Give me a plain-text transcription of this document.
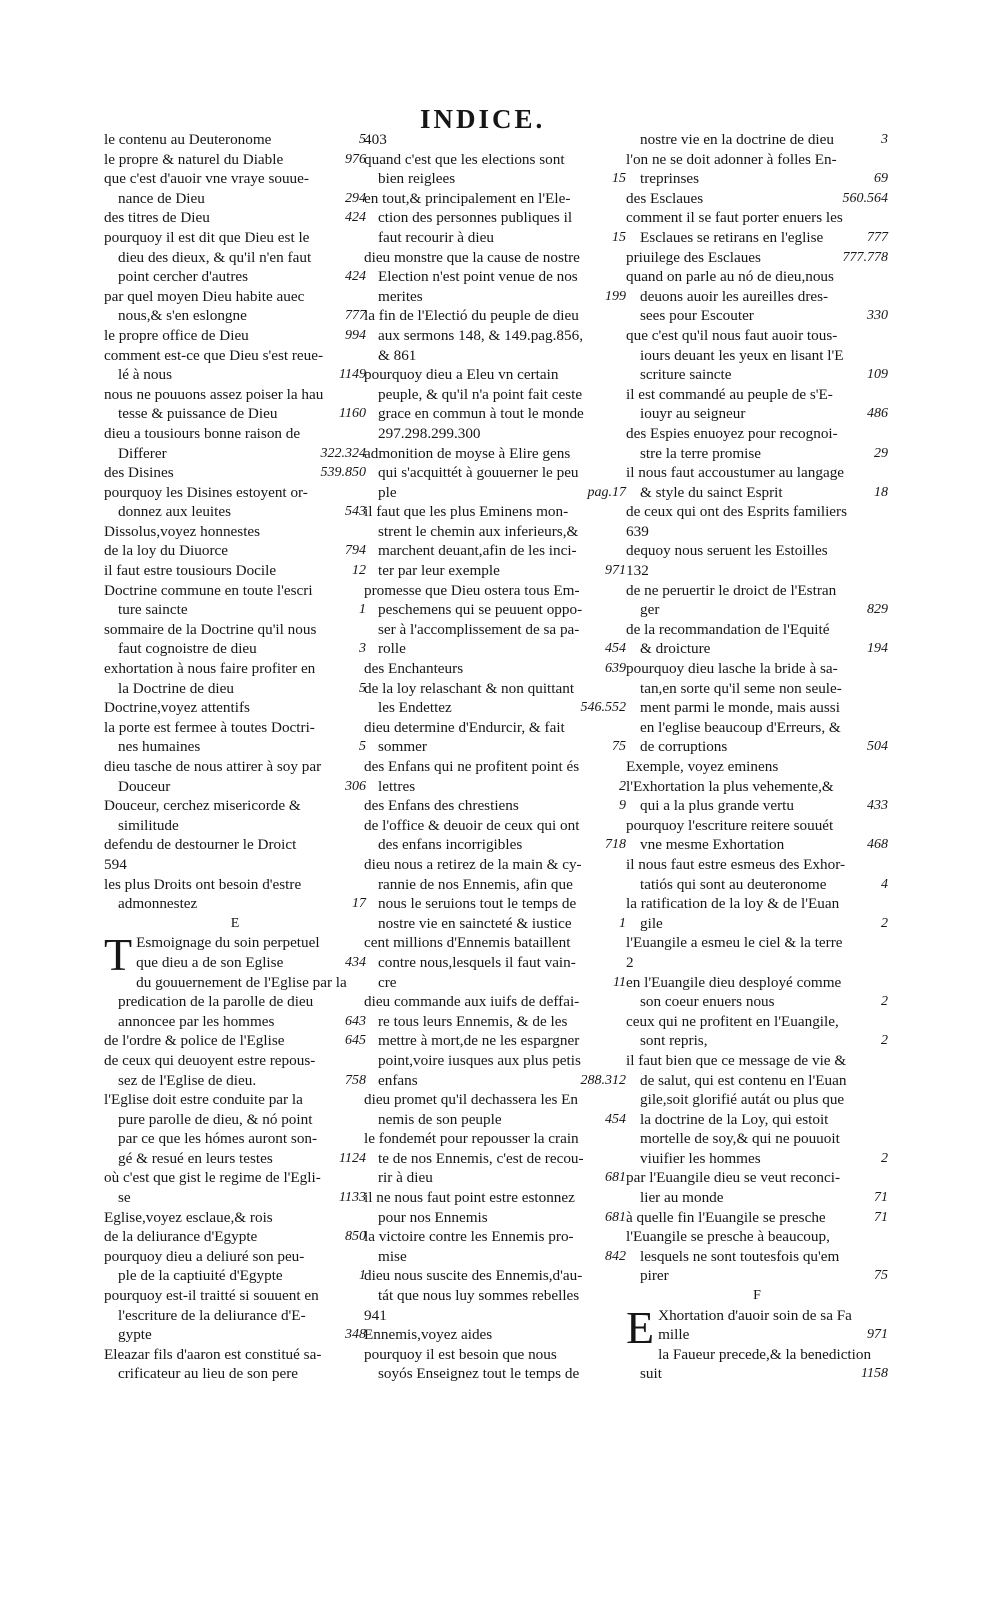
INDICE.
5
le contenu au Deuteronome
976
le propre & naturel du Diable
que c'est d'auoir vne vraye souue-
294
nance de Dieu
424
des titres de Dieu
pourquoy il est dit que Dieu est le
dieu des dieux, & qu'il n'en faut
424
point cercher d'autres
par quel moyen Dieu habite auec
777
nous,& s'en eslongne
994
le propre office de Dieu
comment est-ce que Dieu s'est reue-
1149
lé à nous
nous ne pouuons assez poiser la hau
1160
tesse & puissance de Dieu
dieu a tousiours bonne raison de
322.324
Differer
539.850
des Disines
pourquoy les Disines estoyent or-
543
donnez aux leuites
Dissolus,voyez honnestes
794
de la loy du Diuorce
12
il faut estre tousiours Docile
Doctrine commune en toute l'escri
1
ture saincte
sommaire de la Doctrine qu'il nous
3
faut cognoistre de dieu
exhortation à nous faire profiter en
5
la Doctrine de dieu
Doctrine,voyez attentifs
la porte est fermee à toutes Doctri-
5
nes humaines
dieu tasche de nous attirer à soy par
306
Douceur
Douceur, cerchez misericorde &
similitude
defendu de destourner le Droict
594
les plus Droits ont besoin d'estre
17
admonnestez
E
T Esmoignage du soin perpetuel
434
que dieu a de son Eglise
du gouuernement de l'Eglise par la
predication de la parolle de dieu
643
annoncee par les hommes
645
de l'ordre & police de l'Eglise
de ceux qui deuoyent estre repous-
758
sez de l'Eglise de dieu.
l'Eglise doit estre conduite par la
pure parolle de dieu, & nó point
par ce que les hómes auront son-
1124
gé & resué en leurs testes
où c'est que gist le regime de l'Egli-
1133
se
Eglise,voyez esclaue,& rois
850
de la deliurance d'Egypte
pourquoy dieu a deliuré son peu-
1
ple de la captiuité d'Egypte
pourquoy est-il traitté si souuent en
l'escriture de la deliurance d'E-
348
gypte
Eleazar fils d'aaron est constitué sa-
crificateur au lieu de son pere
403
quand c'est que les elections sont
15
bien reiglees
en tout,& principalement en l'Ele-
ction des personnes publiques il
15
faut recourir à dieu
dieu monstre que la cause de nostre
Election n'est point venue de nos
199
merites
la fin de l'Electió du peuple de dieu
aux sermons 148, & 149.pag.856,
& 861
pourquoy dieu a Eleu vn certain
peuple, & qu'il n'a point fait ceste
grace en commun à tout le monde
297.298.299.300
admonition de moyse à Elire gens
qui s'acquittét à gouuerner le peu
pag.17
ple
il faut que les plus Eminens mon-
strent le chemin aux inferieurs,&
marchent deuant,afin de les inci-
971
ter par leur exemple
promesse que Dieu ostera tous Em-
peschemens qui se peuuent oppo-
ser à l'accomplissement de sa pa-
454
rolle
639
des Enchanteurs
de la loy relaschant & non quittant
546.552
les Endettez
dieu determine d'Endurcir, & fait
75
sommer
des Enfans qui ne profitent point és
2
lettres
9
des Enfans des chrestiens
de l'office & deuoir de ceux qui ont
718
des enfans incorrigibles
dieu nous a retirez de la main & cy-
rannie de nos Ennemis, afin que
nous le seruions tout le temps de
1
nostre vie en saincteté & iustice
cent millions d'Ennemis bataillent
contre nous,lesquels il faut vain-
11
cre
dieu commande aux iuifs de deffai-
re tous leurs Ennemis, & de les
mettre à mort,de ne les espargner
point,voire iusques aux plus petis
288.312
enfans
dieu promet qu'il dechassera les En
454
nemis de son peuple
le fondemét pour repousser la crain
te de nos Ennemis, c'est de recou-
681
rir à dieu
il ne nous faut point estre estonnez
681
pour nos Ennemis
la victoire contre les Ennemis pro-
842
mise
dieu nous suscite des Ennemis,d'au-
tát que nous luy sommes rebelles
941
Ennemis,voyez aides
pourquoy il est besoin que nous
soyós Enseignez tout le temps de
3
nostre vie en la doctrine de dieu
l'on ne se doit adonner à folles En-
69
treprinses
560.564
des Esclaues
comment il se faut porter enuers les
777
Esclaues se retirans en l'eglise
777.778
priuilege des Esclaues
quand on parle au nó de dieu,nous
deuons auoir les aureilles dres-
330
sees pour Escouter
que c'est qu'il nous faut auoir tous-
iours deuant les yeux en lisant l'E
109
scriture saincte
il est commandé au peuple de s'E-
486
iouyr au seigneur
des Espies enuoyez pour recognoi-
29
stre la terre promise
il nous faut accoustumer au langage
18
& style du sainct Esprit
de ceux qui ont des Esprits familiers
639
dequoy nous seruent les Estoilles
132
de ne peruertir le droict de l'Estran
829
ger
de la recommandation de l'Equité
194
& droicture
pourquoy dieu lasche la bride à sa-
tan,en sorte qu'il seme non seule-
ment parmi le monde, mais aussi
en l'eglise beaucoup d'Erreurs, &
504
de corruptions
Exemple, voyez eminens
l'Exhortation la plus vehemente,&
433
qui a la plus grande vertu
pourquoy l'escriture reitere souuét
468
vne mesme Exhortation
il nous faut estre esmeus des Exhor-
4
tatiós qui sont au deuteronome
la ratification de la loy & de l'Euan
2
gile
l'Euangile a esmeu le ciel & la terre
2
en l'Euangile dieu desployé comme
2
son coeur enuers nous
ceux qui ne profitent en l'Euangile,
2
sont repris,
il faut bien que ce message de vie &
de salut, qui est contenu en l'Euan
gile,soit glorifié autát ou plus que
la doctrine de la Loy, qui estoit
mortelle de soy,& qui ne pouuoit
2
viuifier les hommes
par l'Euangile dieu se veut reconci-
71
lier au monde
71
à quelle fin l'Euangile se presche
l'Euangile se presche à beaucoup,
lesquels ne sont toutesfois qu'em
75
pirer
F
E Xhortation d'auoir soin de sa Fa
971
mille
la Faueur precede,& la benediction
1158
suit
